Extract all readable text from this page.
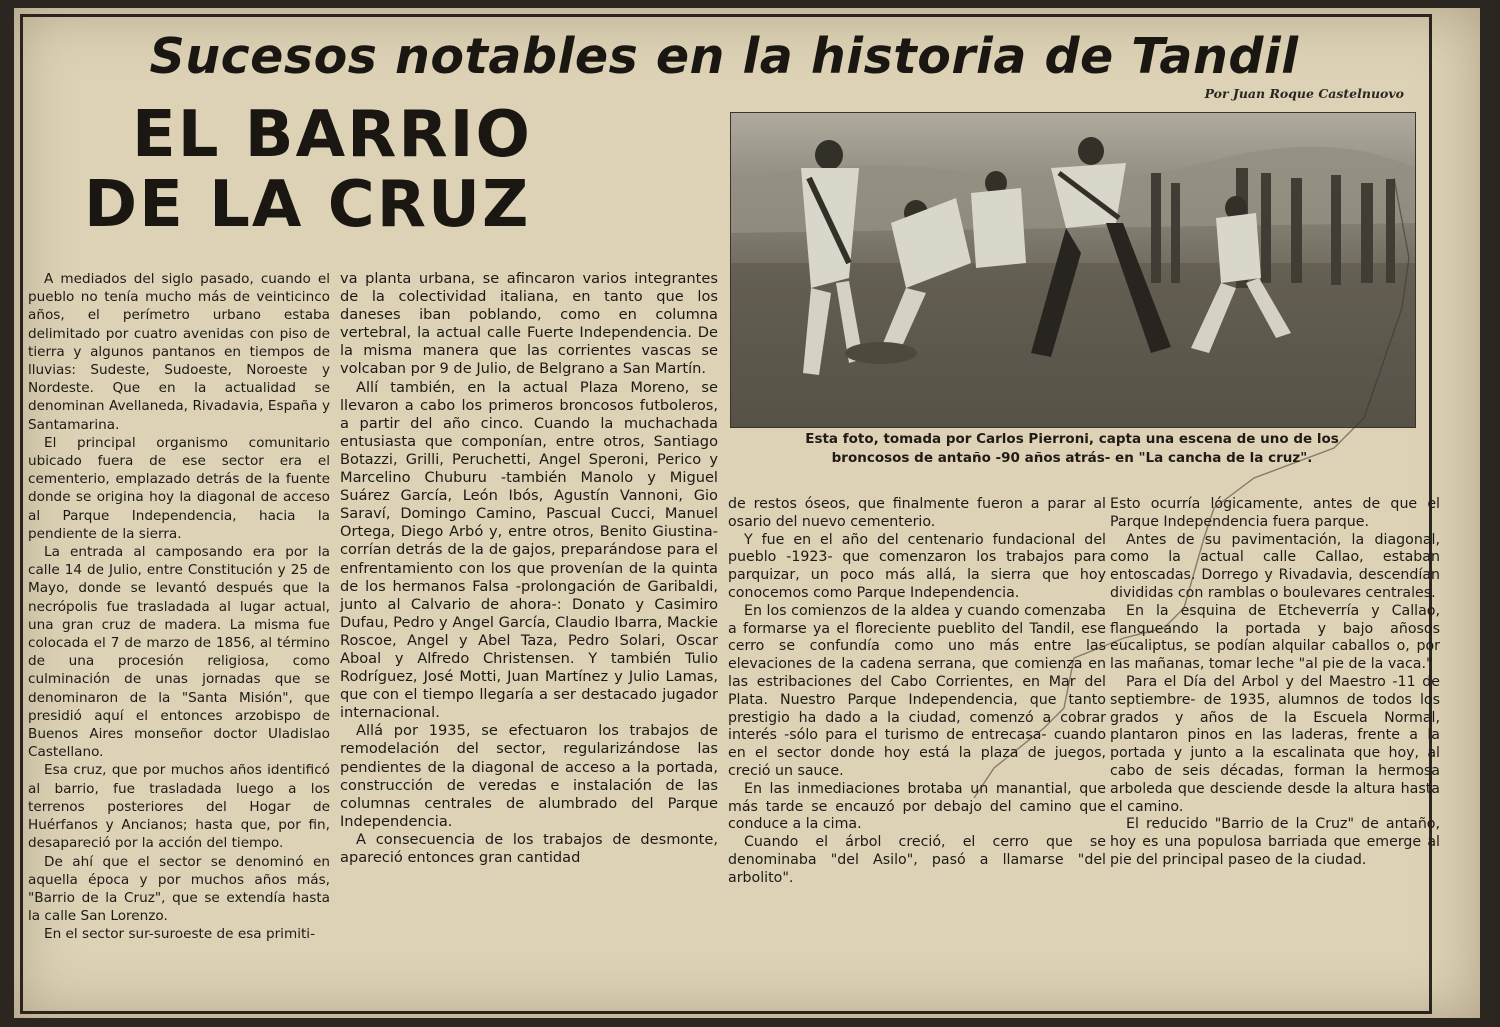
Sucesos notables en la historia de Tandil
Por Juan Roque Castelnuovo
EL BARRIO
DE LA CRUZ
Esta foto, tomada por Carlos Pierroni, capta una escena de uno de los
broncosos de antaño -90 años atrás- en "La cancha de la cruz".

A mediados del siglo pasado, cuando el pueblo no tenía mucho más de veinticinco años, el perímetro urbano estaba delimitado por cuatro avenidas con piso de tierra y algunos pantanos en tiempos de lluvias: Sudeste, Sudoeste, Noroeste y Nordeste. Que en la actualidad se denominan Avellaneda, Rivadavia, España y Santamarina.

El principal organismo comunitario ubicado fuera de ese sector era el cementerio, emplazado detrás de la fuente donde se origina hoy la diagonal de acceso al Parque Independencia, hacia la pendiente de la sierra.

La entrada al camposando era por la calle 14 de Julio, entre Constitución y 25 de Mayo, donde se levantó después que la necrópolis fue trasladada al lugar actual, una gran cruz de madera. La misma fue colocada el 7 de marzo de 1856, al término de una procesión religiosa, como culminación de unas jornadas que se denominaron de la "Santa Misión", que presidió aquí el entonces arzobispo de Buenos Aires monseñor doctor Uladislao Castellano.

Esa cruz, que por muchos años identificó al barrio, fue trasladada luego a los terrenos posteriores del Hogar de Huérfanos y Ancianos; hasta que, por fin, desapareció por la acción del tiempo.

De ahí que el sector se denominó en aquella época y por muchos años más, "Barrio de la Cruz", que se extendía hasta la calle San Lorenzo.

En el sector sur-suroeste de esa primiti-

va planta urbana, se afincaron varios integrantes de la colectividad italiana, en tanto que los daneses iban poblando, como en columna vertebral, la actual calle Fuerte Independencia. De la misma manera que las corrientes vascas se volcaban por 9 de Julio, de Belgrano a San Martín.

Allí también, en la actual Plaza Moreno, se llevaron a cabo los primeros broncosos futboleros, a partir del año cinco. Cuando la muchachada entusiasta que componían, entre otros, Santiago Botazzi, Grilli, Peruchetti, Angel Speroni, Perico y Marcelino Chuburu -también Manolo y Miguel Suárez García, León Ibós, Agustín Vannoni, Gio Saraví, Domingo Camino, Pascual Cucci, Manuel Ortega, Diego Arbó y, entre otros, Benito Giustina- corrían detrás de la de gajos, preparándose para el enfrentamiento con los que provenían de la quinta de los hermanos Falsa -prolongación de Garibaldi, junto al Calvario de ahora-: Donato y Casimiro Dufau, Pedro y Angel García, Claudio Ibarra, Mackie Roscoe, Angel y Abel Taza, Pedro Solari, Oscar Aboal y Alfredo Christensen. Y también Tulio Rodríguez, José Motti, Juan Martínez y Julio Lamas, que con el tiempo llegaría a ser destacado jugador internacional.

Allá por 1935, se efectuaron los trabajos de remodelación del sector, regularizándose las pendientes de la diagonal de acceso a la portada, construcción de veredas e instalación de las columnas centrales de alumbrado del Parque Independencia.

A consecuencia de los trabajos de desmonte, apareció entonces gran cantidad

de restos óseos, que finalmente fueron a parar al osario del nuevo cementerio.

Y fue en el año del centenario fundacional del pueblo -1923- que comenzaron los trabajos para parquizar, un poco más allá, la sierra que hoy conocemos como Parque Independencia.

En los comienzos de la aldea y cuando comenzaba a formarse ya el floreciente pueblito del Tandil, ese cerro se confundía como uno más entre las elevaciones de la cadena serrana, que comienza en las estribaciones del Cabo Corrientes, en Mar del Plata. Nuestro Parque Independencia, que tanto prestigio ha dado a la ciudad, comenzó a cobrar interés -sólo para el turismo de entrecasa- cuando en el sector donde hoy está la plaza de juegos, creció un sauce.

En las inmediaciones brotaba un manantial, que más tarde se encauzó por debajo del camino que conduce a la cima.

Cuando el árbol creció, el cerro que se denominaba "del Asilo", pasó a llamarse "del arbolito".

Esto ocurría lógicamente, antes de que el Parque Independencia fuera parque.

Antes de su pavimentación, la diagonal, como la actual calle Callao, estaban entoscadas. Dorrego y Rivadavia, descendían divididas con ramblas o boulevares centrales.

En la esquina de Etcheverría y Callao, flanqueando la portada y bajo añosos eucaliptus, se podían alquilar caballos o, por las mañanas, tomar leche "al pie de la vaca."

Para el Día del Arbol y del Maestro -11 de septiembre- de 1935, alumnos de todos los grados y años de la Escuela Normal, plantaron pinos en las laderas, frente a la portada y junto a la escalinata que hoy, al cabo de seis décadas, forman la hermosa arboleda que desciende desde la altura hasta el camino.

El reducido "Barrio de la Cruz" de antaño, hoy es una populosa barriada que emerge al pie del principal paseo de la ciudad.
